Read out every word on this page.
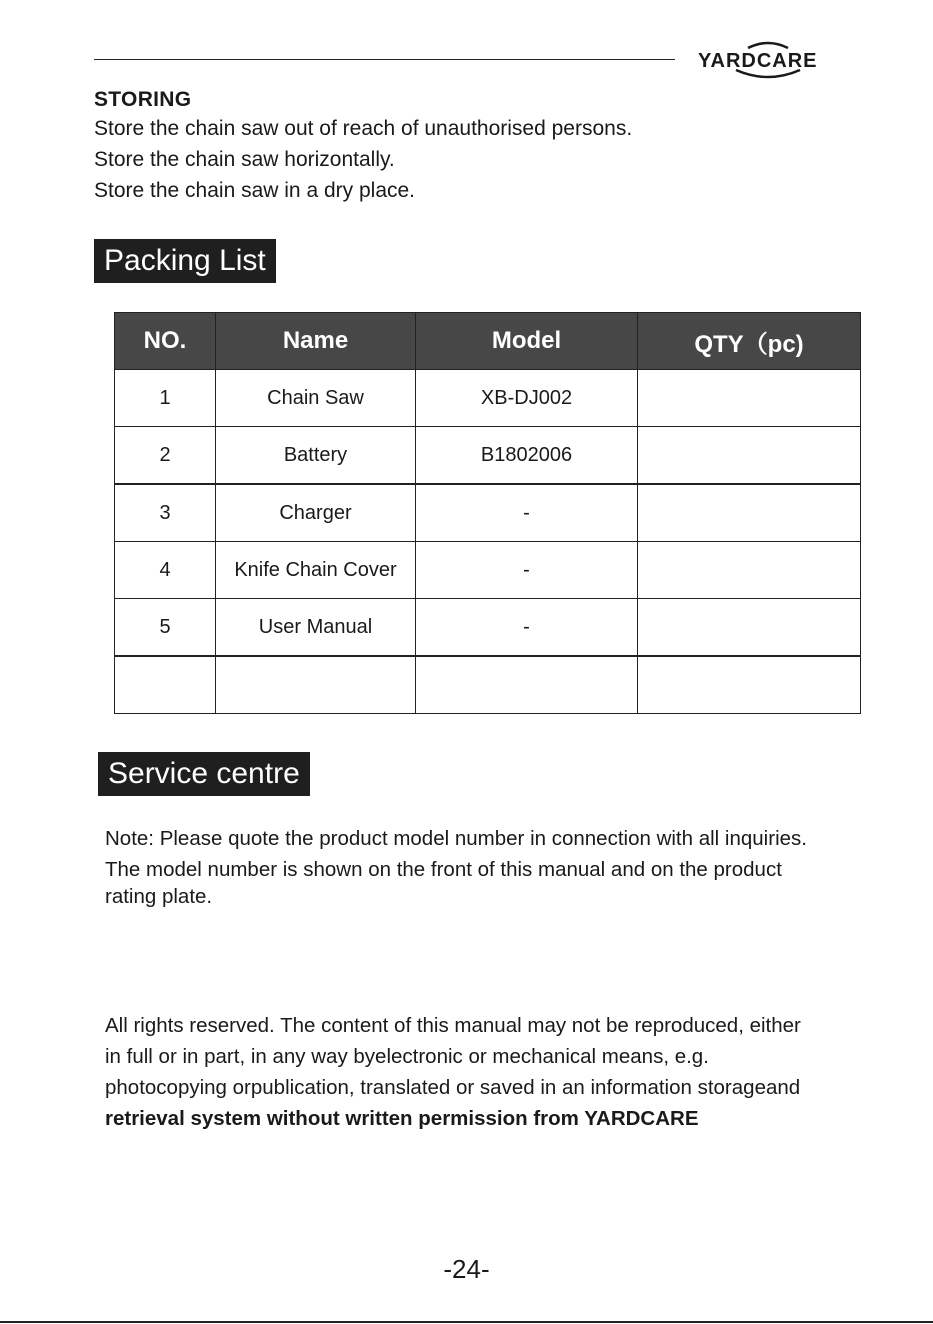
YARDCARE
STORING
Store the chain saw out of reach of unauthorised persons.
Store the chain saw horizontally.
Store the chain saw in a dry place.
Packing List
NO.	Name	Model	QTY（pc)
1	Chain Saw	XB-DJ002	
2	Battery	B1802006	
3	Charger	-	
4	Knife Chain Cover	-	
5	User Manual	-	

Service centre
Note: Please quote the product model number in connection with all inquiries.
The model number is shown on the front of this manual and on the product
rating plate.
All rights reserved. The content of this manual may not be reproduced, either
in full or in part, in any way byelectronic or mechanical means, e.g.
photocopying orpublication, translated or saved in an information storageand
retrieval system without written permission from YARDCARE
-24-
